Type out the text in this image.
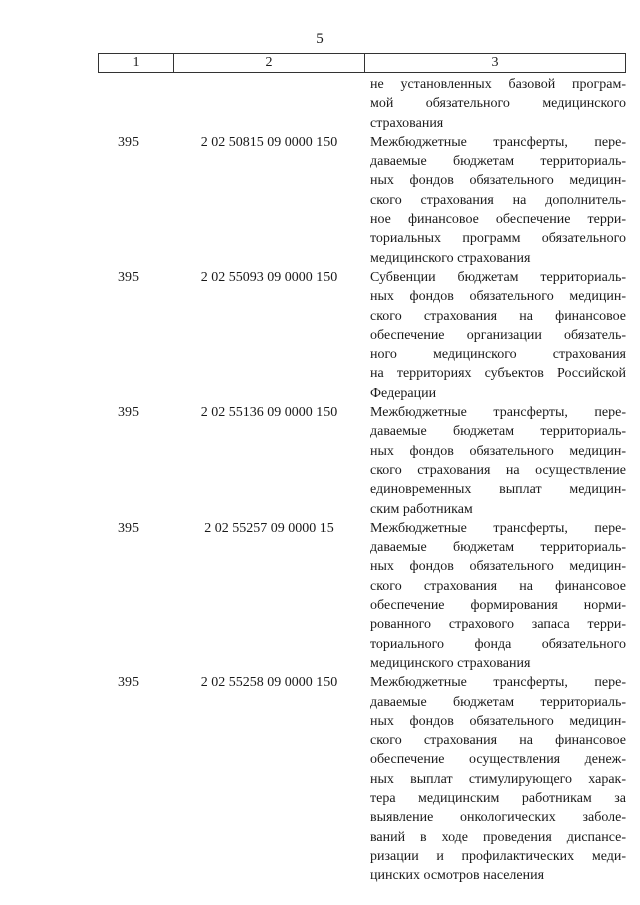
5
1	2	3
не установленных базовой програм-
мой обязательного медицинского
страхования
395	2 02 50815 09 0000 150	Межбюджетные трансферты, пере-
даваемые бюджетам территориаль-
ных фондов обязательного медицин-
ского страхования на дополнитель-
ное финансовое обеспечение терри-
ториальных программ обязательного
медицинского страхования
395	2 02 55093 09 0000 150	Субвенции бюджетам территориаль-
ных фондов обязательного медицин-
ского страхования на финансовое
обеспечение организации обязатель-
ного медицинского страхования
на территориях субъектов Российской
Федерации
395	2 02 55136 09 0000 150	Межбюджетные трансферты, пере-
даваемые бюджетам территориаль-
ных фондов обязательного медицин-
ского страхования на осуществление
единовременных выплат медицин-
ским работникам
395	2 02 55257 09 0000 15	Межбюджетные трансферты, пере-
даваемые бюджетам территориаль-
ных фондов обязательного медицин-
ского страхования на финансовое
обеспечение формирования норми-
рованного страхового запаса терри-
ториального фонда обязательного
медицинского страхования
395	2 02 55258 09 0000 150	Межбюджетные трансферты, пере-
даваемые бюджетам территориаль-
ных фондов обязательного медицин-
ского страхования на финансовое
обеспечение осуществления денеж-
ных выплат стимулирующего харак-
тера медицинским работникам за
выявление онкологических заболе-
ваний в ходе проведения диспансе-
ризации и профилактических меди-
цинских осмотров населения
